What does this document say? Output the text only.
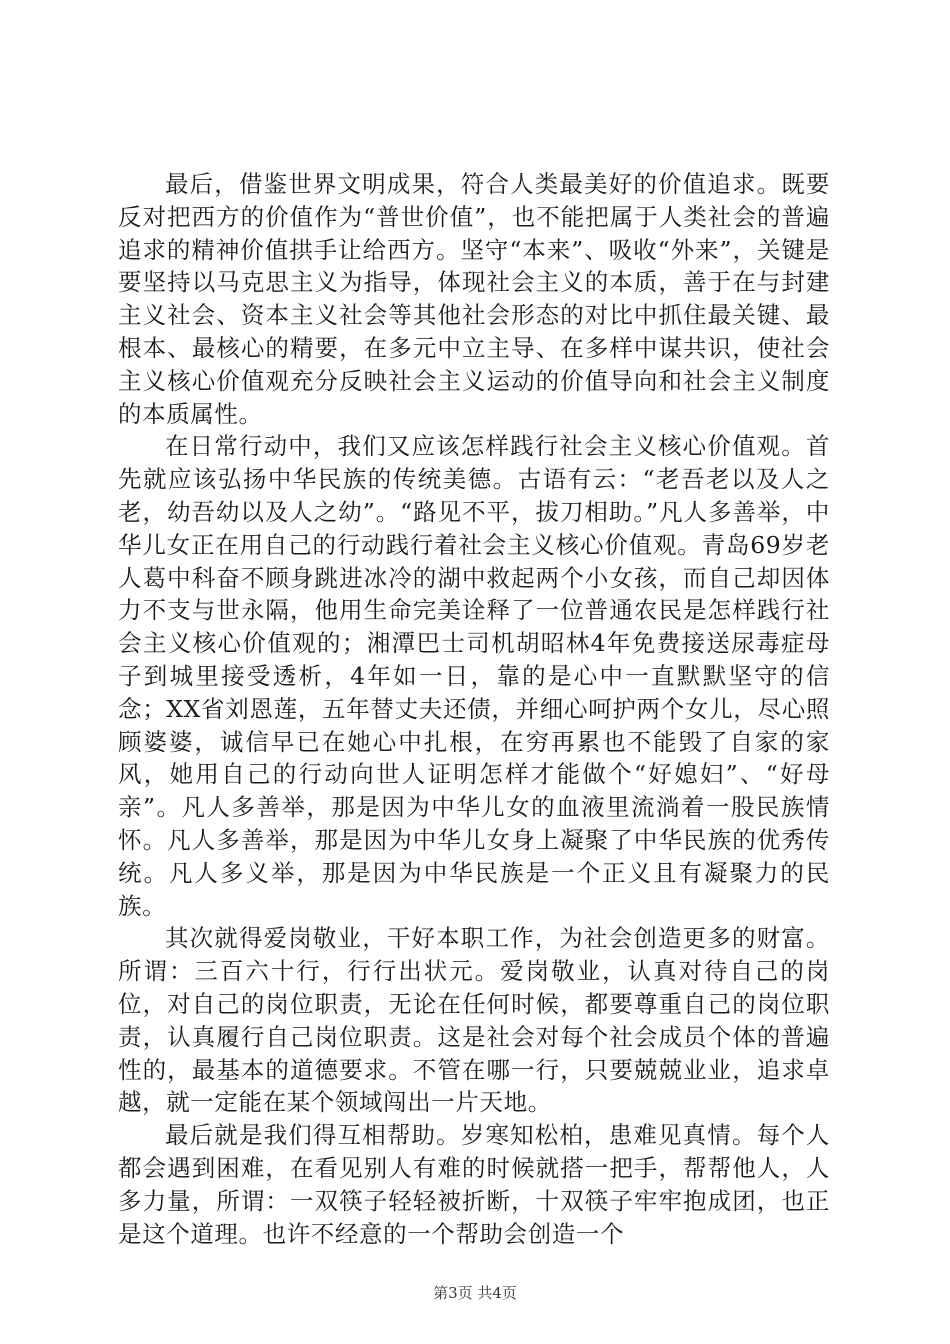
最后，借鉴世界文明成果，符合人类最美好的价值追求。既要反对把西方的价值作为“普世价值”，也不能把属于人类社会的普遍追求的精神价值拱手让给西方。坚守“本来”、吸收“外来”，关键是要坚持以马克思主义为指导，体现社会主义的本质，善于在与封建主义社会、资本主义社会等其他社会形态的对比中抓住最关键、最根本、最核心的精要，在多元中立主导、在多样中谋共识，使社会主义核心价值观充分反映社会主义运动的价值导向和社会主义制度的本质属性。

在日常行动中，我们又应该怎样践行社会主义核心价值观。首先就应该弘扬中华民族的传统美德。古语有云：“老吾老以及人之老，幼吾幼以及人之幼”。“路见不平，拔刀相助。”凡人多善举，中华儿女正在用自己的行动践行着社会主义核心价值观。青岛69岁老人葛中科奋不顾身跳进冰冷的湖中救起两个小女孩，而自己却因体力不支与世永隔，他用生命完美诠释了一位普通农民是怎样践行社会主义核心价值观的；湘潭巴士司机胡昭林4年免费接送尿毒症母子到城里接受透析，4年如一日，靠的是心中一直默默坚守的信念；XX省刘恩莲，五年替丈夫还债，并细心呵护两个女儿，尽心照顾婆婆，诚信早已在她心中扎根，在穷再累也不能毁了自家的家风，她用自己的行动向世人证明怎样才能做个“好媳妇”、“好母亲”。凡人多善举，那是因为中华儿女的血液里流淌着一股民族情怀。凡人多善举，那是因为中华儿女身上凝聚了中华民族的优秀传统。凡人多义举，那是因为中华民族是一个正义且有凝聚力的民族。

其次就得爱岗敬业，干好本职工作，为社会创造更多的财富。所谓：三百六十行，行行出状元。爱岗敬业，认真对待自己的岗位，对自己的岗位职责，无论在任何时候，都要尊重自己的岗位职责，认真履行自己岗位职责。这是社会对每个社会成员个体的普遍性的，最基本的道德要求。不管在哪一行，只要兢兢业业，追求卓越，就一定能在某个领域闯出一片天地。

最后就是我们得互相帮助。岁寒知松柏，患难见真情。每个人都会遇到困难，在看见别人有难的时候就搭一把手，帮帮他人，人多力量，所谓：一双筷子轻轻被折断，十双筷子牢牢抱成团，也正是这个道理。也许不经意的一个帮助会创造一个

第3页 共4页
